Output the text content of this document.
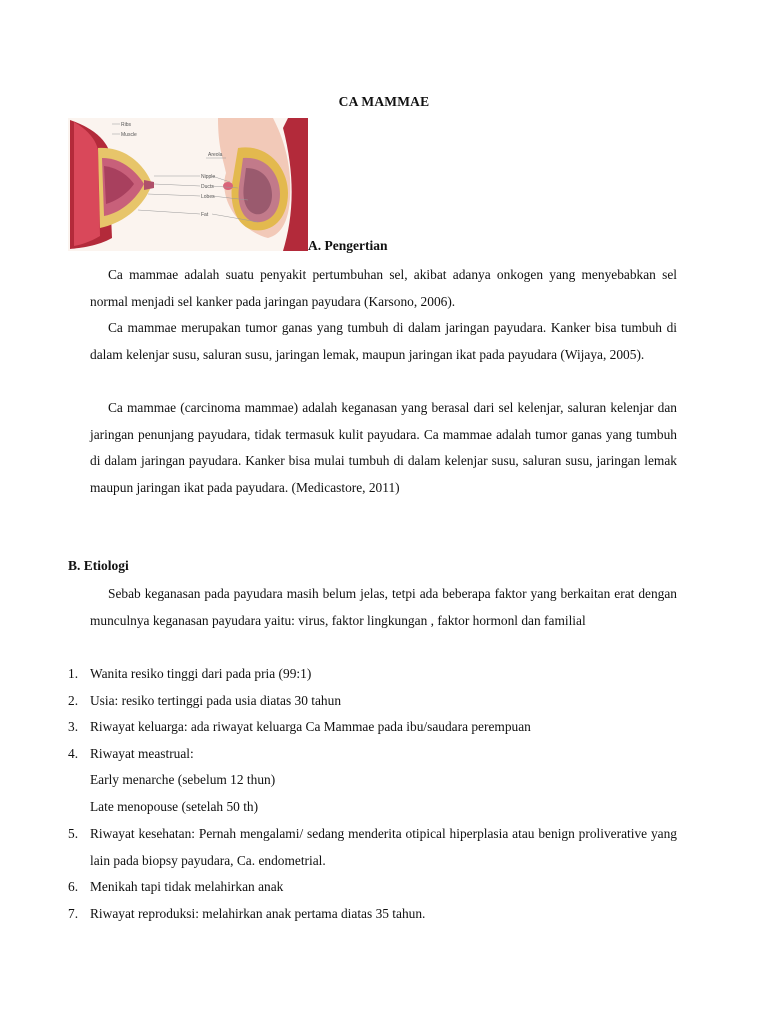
CA MAMMAE
Ribs
Muscle
Areola
Nipple
Ducts
Lobes
Fat
A. Pengertian
Ca mammae adalah suatu penyakit pertumbuhan sel, akibat adanya onkogen yang menyebabkan sel normal menjadi sel kanker pada jaringan payudara (Karsono, 2006).
Ca mammae merupakan tumor ganas yang tumbuh di dalam jaringan payudara. Kanker bisa tumbuh di dalam kelenjar susu, saluran susu, jaringan lemak, maupun jaringan ikat pada payudara (Wijaya, 2005).
Ca mammae (carcinoma mammae) adalah keganasan yang berasal dari sel kelenjar, saluran kelenjar dan jaringan penunjang payudara, tidak termasuk kulit payudara. Ca mammae adalah tumor ganas yang tumbuh di dalam jaringan payudara. Kanker bisa mulai tumbuh di dalam kelenjar susu, saluran susu, jaringan lemak maupun jaringan ikat pada payudara. (Medicastore, 2011)
B. Etiologi
Sebab keganasan pada payudara masih belum jelas, tetpi ada beberapa faktor yang berkaitan erat dengan munculnya keganasan payudara yaitu: virus, faktor lingkungan , faktor hormonl dan familial
1. Wanita resiko tinggi dari pada pria (99:1)
2. Usia: resiko tertinggi pada usia diatas 30 tahun
3. Riwayat keluarga: ada riwayat keluarga Ca Mammae pada ibu/saudara perempuan
4. Riwayat meastrual:
Early menarche (sebelum 12 thun)
Late menopouse (setelah 50 th)
5. Riwayat kesehatan: Pernah mengalami/ sedang menderita otipical hiperplasia atau benign proliverative yang lain pada biopsy payudara, Ca. endometrial.
6. Menikah tapi tidak melahirkan anak
7. Riwayat reproduksi: melahirkan anak pertama diatas 35 tahun.
